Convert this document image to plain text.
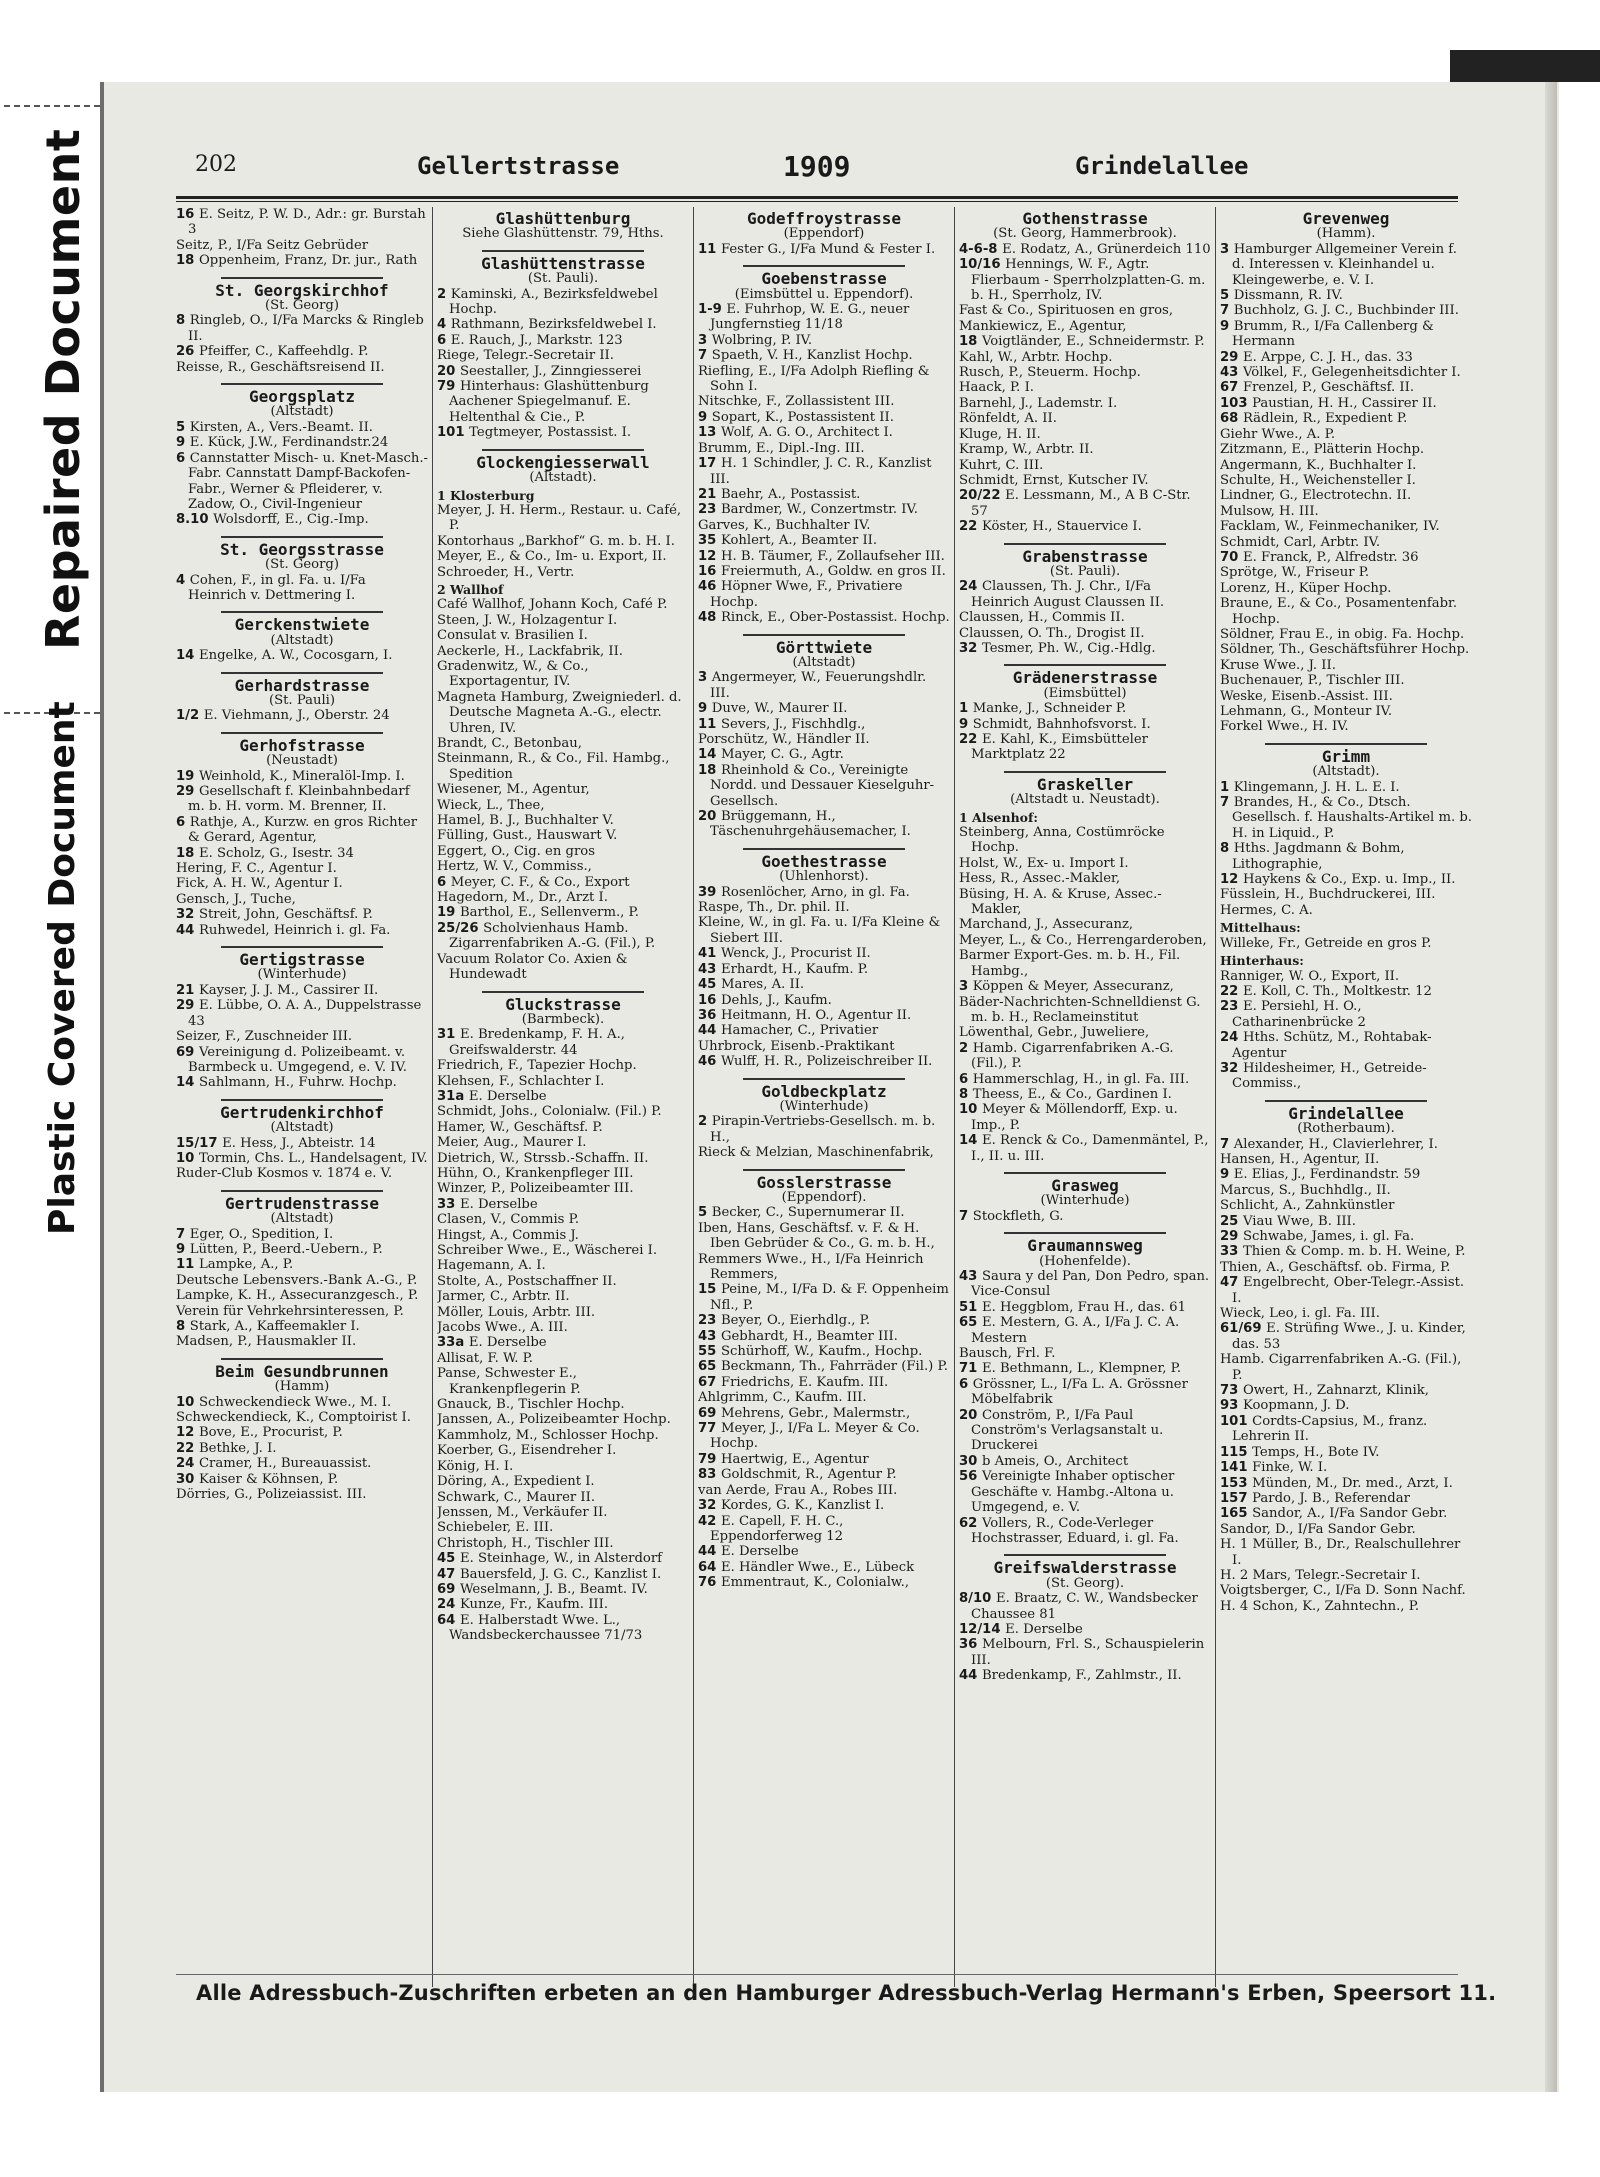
Repaired Document
Plastic Covered Document
202	Gellertstrasse	1909	Grindelallee
16 E. Seitz, P. W. D., Adr.: gr. Burstah 3
Seitz, P., I/Fa Seitz Gebrüder
18 Oppenheim, Franz, Dr. jur., Rath
St. Georgskirchhof
(St. Georg)
8 Ringleb, O., I/Fa Marcks & Ringleb II.
26 Pfeiffer, C., Kaffeehdlg. P.
Reisse, R., Geschäftsreisend II.
Georgsplatz
(Altstadt)
5 Kirsten, A., Vers.-Beamt. II.
9 E. Kück, J.W., Ferdinandstr.24
6 Cannstatter Misch- u. Knet-Masch.-Fabr. Cannstatt Dampf-Backofen-Fabr., Werner & Pfleiderer, v. Zadow, O., Civil-Ingenieur
8.10 Wolsdorff, E., Cig.-Imp.
St. Georgsstrasse
(St. Georg)
4 Cohen, F., in gl. Fa. u. I/Fa Heinrich v. Dettmering I.
Gerckenstwiete
(Altstadt)
14 Engelke, A. W., Cocosgarn, I.
Gerhardstrasse
(St. Pauli)
1/2 E. Viehmann, J., Oberstr. 24
Gerhofstrasse
(Neustadt)
19 Weinhold, K., Mineralöl-Imp. I.
29 Gesellschaft f. Kleinbahnbedarf m. b. H. vorm. M. Brenner, II.
6 Rathje, A., Kurzw. en gros Richter & Gerard, Agentur,
18 E. Scholz, G., Isestr. 34
Hering, F. C., Agentur I.
Fick, A. H. W., Agentur I.
Gensch, J., Tuche,
32 Streit, John, Geschäftsf. P.
44 Ruhwedel, Heinrich i. gl. Fa.
Gertigstrasse
(Winterhude)
21 Kayser, J. J. M., Cassirer II.
29 E. Lübbe, O. A. A., Duppelstrasse 43
Seizer, F., Zuschneider III.
69 Vereinigung d. Polizeibeamt. v. Barmbeck u. Umgegend, e. V. IV.
14 Sahlmann, H., Fuhrw. Hochp.
Gertrudenkirchhof
(Altstadt)
15/17 E. Hess, J., Abteistr. 14
10 Tormin, Chs. L., Handelsagent, IV.
Ruder-Club Kosmos v. 1874 e. V.
Gertrudenstrasse
(Altstadt)
7 Eger, O., Spedition, I.
9 Lütten, P., Beerd.-Uebern., P.
11 Lampke, A., P.
Deutsche Lebensvers.-Bank A.-G., P.
Lampke, K. H., Assecuranzgesch., P.
Verein für Vehrkehrsinteressen, P.
8 Stark, A., Kaffeemakler I.
Madsen, P., Hausmakler II.
Beim Gesundbrunnen
(Hamm)
10 Schweckendieck Wwe., M. I.
Schweckendieck, K., Comptoirist I.
12 Bove, E., Procurist, P.
22 Bethke, J. I.
24 Cramer, H., Bureauassist.
30 Kaiser & Köhnsen, P.
Dörries, G., Polizeiassist. III.
Glashüttenburg
Siehe Glashüttenstr. 79, Hths.
Glashüttenstrasse
(St. Pauli).
2 Kaminski, A., Bezirksfeldwebel Hochp.
4 Rathmann, Bezirksfeldwebel I.
6 E. Rauch, J., Markstr. 123
Riege, Telegr.-Secretair II.
20 Seestaller, J., Zinngiesserei
79 Hinterhaus: Glashüttenburg Aachener Spiegelmanuf. E. Heltenthal & Cie., P.
101 Tegtmeyer, Postassist. I.
Glockengiesserwall
(Altstadt).
1 Klosterburg
Meyer, J. H. Herm., Restaur. u. Café, P.
Kontorhaus „Barkhof“ G. m. b. H. I.
Meyer, E., & Co., Im- u. Export, II.
Schroeder, H., Vertr.
2 Wallhof
Café Wallhof, Johann Koch, Café P.
Steen, J. W., Holzagentur I.
Consulat v. Brasilien I.
Aeckerle, H., Lackfabrik, II.
Gradenwitz, W., & Co., Exportagentur, IV.
Magneta Hamburg, Zweigniederl. d. Deutsche Magneta A.-G., electr. Uhren, IV.
Brandt, C., Betonbau,
Steinmann, R., & Co., Fil. Hambg., Spedition
Wiesener, M., Agentur,
Wieck, L., Thee,
Hamel, B. J., Buchhalter V.
Fülling, Gust., Hauswart V.
Eggert, O., Cig. en gros
Hertz, W. V., Commiss.,
6 Meyer, C. F., & Co., Export
Hagedorn, M., Dr., Arzt I.
19 Barthol, E., Sellenverm., P.
25/26 Scholvienhaus Hamb. Zigarrenfabriken A.-G. (Fil.), P.
Vacuum Rolator Co. Axien & Hundewadt
Gluckstrasse
(Barmbeck).
31 E. Bredenkamp, F. H. A., Greifswalderstr. 44
Friedrich, F., Tapezier Hochp.
Klehsen, F., Schlachter I.
31a E. Derselbe
Schmidt, Johs., Colonialw. (Fil.) P.
Hamer, W., Geschäftsf. P.
Meier, Aug., Maurer I.
Dietrich, W., Strssb.-Schaffn. II.
Hühn, O., Krankenpfleger III.
Winzer, P., Polizeibeamter III.
33 E. Derselbe
Clasen, V., Commis P.
Hingst, A., Commis J.
Schreiber Wwe., E., Wäscherei I.
Hagemann, A. I.
Stolte, A., Postschaffner II.
Jarmer, C., Arbtr. II.
Möller, Louis, Arbtr. III.
Jacobs Wwe., A. III.
33a E. Derselbe
Allisat, F. W. P.
Panse, Schwester E., Krankenpflegerin P.
Gnauck, B., Tischler Hochp.
Janssen, A., Polizeibeamter Hochp.
Kammholz, M., Schlosser Hochp.
Koerber, G., Eisendreher I.
König, H. I.
Döring, A., Expedient I.
Schwark, C., Maurer II.
Jenssen, M., Verkäufer II.
Schiebeler, E. III.
Christoph, H., Tischler III.
45 E. Steinhage, W., in Alsterdorf
47 Bauersfeld, J. G. C., Kanzlist I.
69 Weselmann, J. B., Beamt. IV.
24 Kunze, Fr., Kaufm. III.
64 E. Halberstadt Wwe. L., Wandsbeckerchaussee 71/73
Godeffroystrasse
(Eppendorf)
11 Fester G., I/Fa Mund & Fester I.
Goebenstrasse
(Eimsbüttel u. Eppendorf).
1-9 E. Fuhrhop, W. E. G., neuer Jungfernstieg 11/18
3 Wolbring, P. IV.
7 Spaeth, V. H., Kanzlist Hochp.
Riefling, E., I/Fa Adolph Riefling & Sohn I.
Nitschke, F., Zollassistent III.
9 Sopart, K., Postassistent II.
13 Wolf, A. G. O., Architect I.
Brumm, E., Dipl.-Ing. III.
17 H. 1 Schindler, J. C. R., Kanzlist III.
21 Baehr, A., Postassist.
23 Bardmer, W., Conzertmstr. IV.
Garves, K., Buchhalter IV.
35 Kohlert, A., Beamter II.
12 H. B. Täumer, F., Zollaufseher III.
16 Freiermuth, A., Goldw. en gros II.
46 Höpner Wwe, F., Privatiere Hochp.
48 Rinck, E., Ober-Postassist. Hochp.
Görttwiete
(Altstadt)
3 Angermeyer, W., Feuerungshdlr. III.
9 Duve, W., Maurer II.
11 Severs, J., Fischhdlg.,
Porschütz, W., Händler II.
14 Mayer, C. G., Agtr.
18 Rheinhold & Co., Vereinigte Nordd. und Dessauer Kieselguhr-Gesellsch.
20 Brüggemann, H., Täschenuhrgehäusemacher, I.
Goethestrasse
(Uhlenhorst).
39 Rosenlöcher, Arno, in gl. Fa.
Raspe, Th., Dr. phil. II.
Kleine, W., in gl. Fa. u. I/Fa Kleine & Siebert III.
41 Wenck, J., Procurist II.
43 Erhardt, H., Kaufm. P.
45 Mares, A. II.
16 Dehls, J., Kaufm.
36 Heitmann, H. O., Agentur II.
44 Hamacher, C., Privatier
Uhrbrock, Eisenb.-Praktikant
46 Wulff, H. R., Polizeischreiber II.
Goldbeckplatz
(Winterhude)
2 Pirapin-Vertriebs-Gesellsch. m. b. H.,
Rieck & Melzian, Maschinenfabrik,
Gosslerstrasse
(Eppendorf).
5 Becker, C., Supernumerar II.
Iben, Hans, Geschäftsf. v. F. & H. Iben Gebrüder & Co., G. m. b. H.,
Remmers Wwe., H., I/Fa Heinrich Remmers,
15 Peine, M., I/Fa D. & F. Oppenheim Nfl., P.
23 Beyer, O., Eierhdlg., P.
43 Gebhardt, H., Beamter III.
55 Schürhoff, W., Kaufm., Hochp.
65 Beckmann, Th., Fahrräder (Fil.) P.
67 Friedrichs, E. Kaufm. III.
Ahlgrimm, C., Kaufm. III.
69 Mehrens, Gebr., Malermstr.,
77 Meyer, J., I/Fa L. Meyer & Co. Hochp.
79 Haertwig, E., Agentur
83 Goldschmit, R., Agentur P.
van Aerde, Frau A., Robes III.
32 Kordes, G. K., Kanzlist I.
42 E. Capell, F. H. C., Eppendorferweg 12
44 E. Derselbe
64 E. Händler Wwe., E., Lübeck
76 Emmentraut, K., Colonialw.,
Gothenstrasse
(St. Georg, Hammerbrook).
4-6-8 E. Rodatz, A., Grünerdeich 110
10/16 Hennings, W. F., Agtr. Flierbaum - Sperrholzplatten-G. m. b. H., Sperrholz, IV.
Fast & Co., Spirituosen en gros,
Mankiewicz, E., Agentur,
18 Voigtländer, E., Schneidermstr. P.
Kahl, W., Arbtr. Hochp.
Rusch, P., Steuerm. Hochp.
Haack, P. I.
Barnehl, J., Lademstr. I.
Rönfeldt, A. II.
Kluge, H. II.
Kramp, W., Arbtr. II.
Kuhrt, C. III.
Schmidt, Ernst, Kutscher IV.
20/22 E. Lessmann, M., A B C-Str. 57
22 Köster, H., Stauervice I.
Grabenstrasse
(St. Pauli).
24 Claussen, Th. J. Chr., I/Fa Heinrich August Claussen II.
Claussen, H., Commis II.
Claussen, O. Th., Drogist II.
32 Tesmer, Ph. W., Cig.-Hdlg.
Grädenerstrasse
(Eimsbüttel)
1 Manke, J., Schneider P.
9 Schmidt, Bahnhofsvorst. I.
22 E. Kahl, K., Eimsbütteler Marktplatz 22
Graskeller
(Altstadt u. Neustadt).
1 Alsenhof:
Steinberg, Anna, Costümröcke Hochp.
Holst, W., Ex- u. Import I.
Hess, R., Assec.-Makler,
Büsing, H. A. & Kruse, Assec.-Makler,
Marchand, J., Assecuranz,
Meyer, L., & Co., Herrengarderoben,
Barmer Export-Ges. m. b. H., Fil. Hambg.,
3 Köppen & Meyer, Assecuranz,
Bäder-Nachrichten-Schnelldienst G. m. b. H., Reclameinstitut
Löwenthal, Gebr., Juweliere,
2 Hamb. Cigarrenfabriken A.-G. (Fil.), P.
6 Hammerschlag, H., in gl. Fa. III.
8 Theess, E., & Co., Gardinen I.
10 Meyer & Möllendorff, Exp. u. Imp., P.
14 E. Renck & Co., Damenmäntel, P., I., II. u. III.
Grasweg
(Winterhude)
7 Stockfleth, G.
Graumannsweg
(Hohenfelde).
43 Saura y del Pan, Don Pedro, span. Vice-Consul
51 E. Heggblom, Frau H., das. 61
65 E. Mestern, G. A., I/Fa J. C. A. Mestern
Bausch, Frl. F.
71 E. Bethmann, L., Klempner, P.
6 Grössner, L., I/Fa L. A. Grössner Möbelfabrik
20 Conström, P., I/Fa Paul Conström's Verlagsanstalt u. Druckerei
30 b Ameis, O., Architect
56 Vereinigte Inhaber optischer Geschäfte v. Hambg.-Altona u. Umgegend, e. V.
62 Vollers, R., Code-Verleger Hochstrasser, Eduard, i. gl. Fa.
Greifswalderstrasse
(St. Georg).
8/10 E. Braatz, C. W., Wandsbecker Chaussee 81
12/14 E. Derselbe
36 Melbourn, Frl. S., Schauspielerin III.
44 Bredenkamp, F., Zahlmstr., II.
Grevenweg
(Hamm).
3 Hamburger Allgemeiner Verein f. d. Interessen v. Kleinhandel u. Kleingewerbe, e. V. I.
5 Dissmann, R. IV.
7 Buchholz, G. J. C., Buchbinder III.
9 Brumm, R., I/Fa Callenberg & Hermann
29 E. Arppe, C. J. H., das. 33
43 Völkel, F., Gelegenheitsdichter I.
67 Frenzel, P., Geschäftsf. II.
103 Paustian, H. H., Cassirer II.
68 Rädlein, R., Expedient P.
Giehr Wwe., A. P.
Zitzmann, E., Plätterin Hochp.
Angermann, K., Buchhalter I.
Schulte, H., Weichensteller I.
Lindner, G., Electrotechn. II.
Mulsow, H. III.
Facklam, W., Feinmechaniker, IV.
Schmidt, Carl, Arbtr. IV.
70 E. Franck, P., Alfredstr. 36
Sprötge, W., Friseur P.
Lorenz, H., Küper Hochp.
Braune, E., & Co., Posamentenfabr. Hochp.
Söldner, Frau E., in obig. Fa. Hochp.
Söldner, Th., Geschäftsführer Hochp.
Kruse Wwe., J. II.
Buchenauer, P., Tischler III.
Weske, Eisenb.-Assist. III.
Lehmann, G., Monteur IV.
Forkel Wwe., H. IV.
Grimm
(Altstadt).
1 Klingemann, J. H. L. E. I.
7 Brandes, H., & Co., Dtsch. Gesellsch. f. Haushalts-Artikel m. b. H. in Liquid., P.
8 Hths. Jagdmann & Bohm, Lithographie,
12 Haykens & Co., Exp. u. Imp., II.
Füsslein, H., Buchdruckerei, III.
Hermes, C. A.
Mittelhaus:
Willeke, Fr., Getreide en gros P.
Hinterhaus:
Ranniger, W. O., Export, II.
22 E. Koll, C. Th., Moltkestr. 12
23 E. Persiehl, H. O., Catharinenbrücke 2
24 Hths. Schütz, M., Rohtabak-Agentur
32 Hildesheimer, H., Getreide-Commiss.,
Grindelallee
(Rotherbaum).
7 Alexander, H., Clavierlehrer, I.
Hansen, H., Agentur, II.
9 E. Elias, J., Ferdinandstr. 59
Marcus, S., Buchhdlg., II.
Schlicht, A., Zahnkünstler
25 Viau Wwe, B. III.
29 Schwabe, James, i. gl. Fa.
33 Thien & Comp. m. b. H. Weine, P.
Thien, A., Geschäftsf. ob. Firma, P.
47 Engelbrecht, Ober-Telegr.-Assist. I.
Wieck, Leo, i. gl. Fa. III.
61/69 E. Strüfing Wwe., J. u. Kinder, das. 53
Hamb. Cigarrenfabriken A.-G. (Fil.), P.
73 Owert, H., Zahnarzt, Klinik,
93 Koopmann, J. D.
101 Cordts-Capsius, M., franz. Lehrerin II.
115 Temps, H., Bote IV.
141 Finke, W. I.
153 Münden, M., Dr. med., Arzt, I.
157 Pardo, J. B., Referendar
165 Sandor, A., I/Fa Sandor Gebr.
Sandor, D., I/Fa Sandor Gebr.
H. 1 Müller, B., Dr., Realschullehrer I.
H. 2 Mars, Telegr.-Secretair I.
Voigtsberger, C., I/Fa D. Sonn Nachf.
H. 4 Schon, K., Zahntechn., P.
Alle Adressbuch-Zuschriften erbeten an den Hamburger Adressbuch-Verlag Hermann's Erben, Speersort 11.
